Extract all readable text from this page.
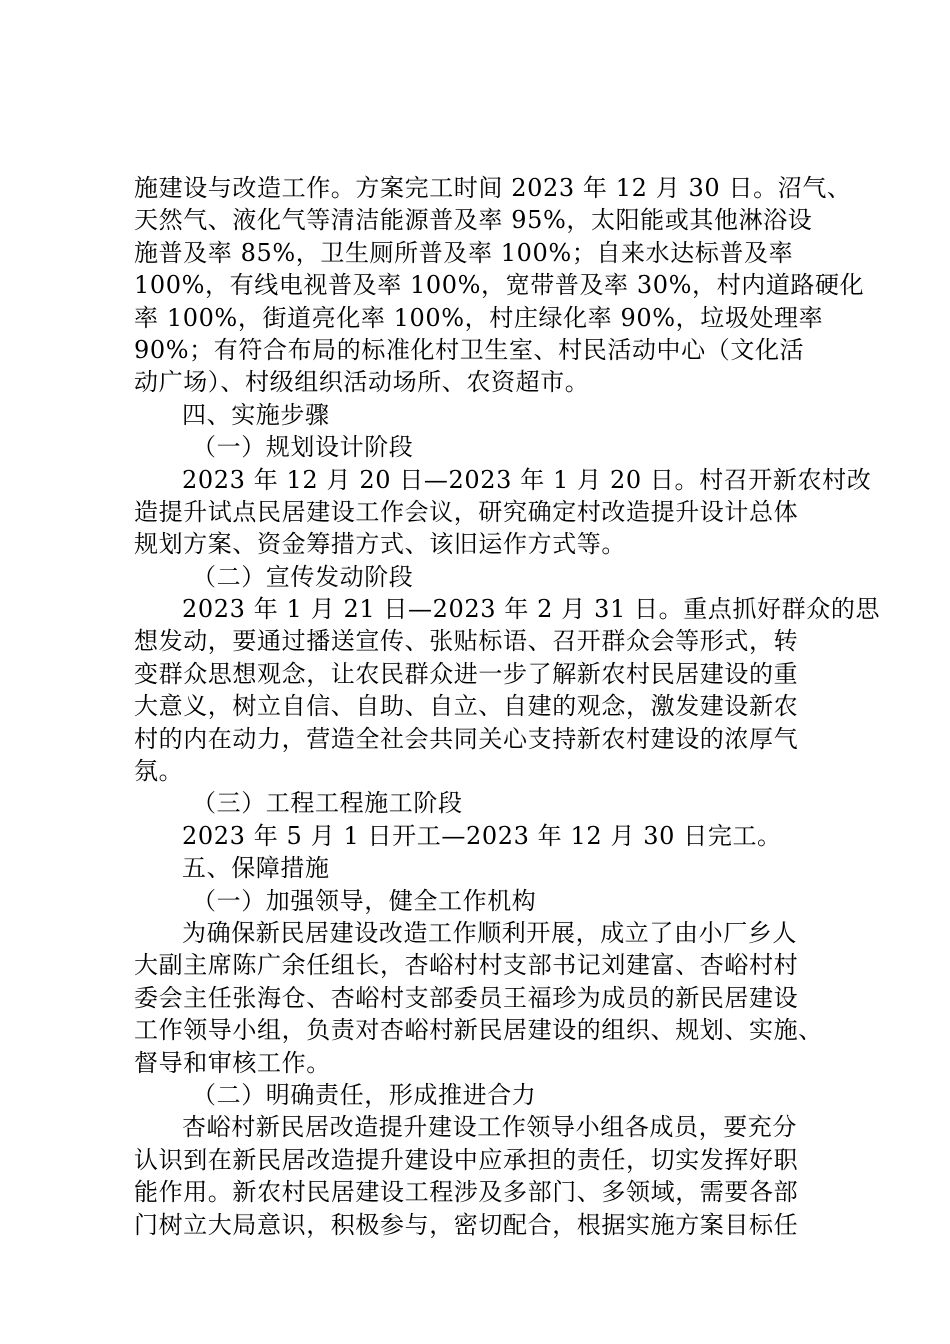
施建设与改造工作。方案完工时间 2023 年 12 月 30 日。沼气、
天然气、液化气等清洁能源普及率 95%，太阳能或其他淋浴设
施普及率 85%，卫生厕所普及率 100%；自来水达标普及率
100%，有线电视普及率 100%，宽带普及率 30%，村内道路硬化
率 100%，街道亮化率 100%，村庄绿化率 90%，垃圾处理率
90%；有符合布局的标准化村卫生室、村民活动中心（文化活
动广场）、村级组织活动场所、农资超市。
四、实施步骤
（一）规划设计阶段
2023 年 12 月 20 日—2023 年 1 月 20 日。村召开新农村改
造提升试点民居建设工作会议，研究确定村改造提升设计总体
规划方案、资金筹措方式、该旧运作方式等。
（二）宣传发动阶段
2023 年 1 月 21 日—2023 年 2 月 31 日。重点抓好群众的思
想发动，要通过播送宣传、张贴标语、召开群众会等形式，转
变群众思想观念，让农民群众进一步了解新农村民居建设的重
大意义，树立自信、自助、自立、自建的观念，激发建设新农
村的内在动力，营造全社会共同关心支持新农村建设的浓厚气
氛。
（三）工程工程施工阶段
2023 年 5 月 1 日开工—2023 年 12 月 30 日完工。
五、保障措施
（一）加强领导，健全工作机构
为确保新民居建设改造工作顺利开展，成立了由小厂乡人
大副主席陈广余任组长，杏峪村村支部书记刘建富、杏峪村村
委会主任张海仓、杏峪村支部委员王福珍为成员的新民居建设
工作领导小组，负责对杏峪村新民居建设的组织、规划、实施、
督导和审核工作。
（二）明确责任，形成推进合力
杏峪村新民居改造提升建设工作领导小组各成员，要充分
认识到在新民居改造提升建设中应承担的责任，切实发挥好职
能作用。新农村民居建设工程涉及多部门、多领域，需要各部
门树立大局意识，积极参与，密切配合，根据实施方案目标任
